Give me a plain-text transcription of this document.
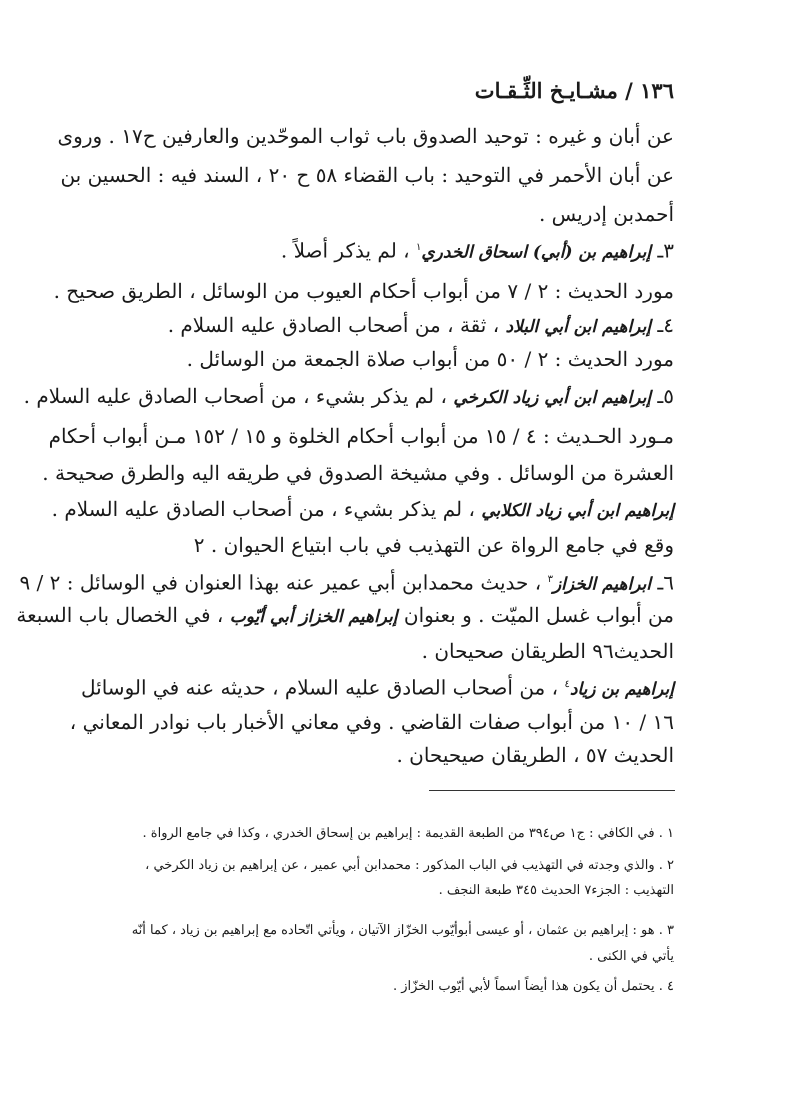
١٣٦ / مشـايـخ الثِّـقـات
عن أبان و غيره : توحيد الصدوق باب ثواب الموحّدين والعارفين ح١٧ . وروى
عن أبان الأحمر في التوحيد : باب القضاء ٥٨ ح ٢٠ ، السند فيه : الحسين بن
أحمدبن إدريس .
٣ـ إبراهيم بن (أبي) اسحاق الخدري$^١$ ، لم يذكر أصلاً .
مورد الحديث : ٢ / ٧ من أبواب أحكام العيوب من الوسائل ، الطريق صحيح .
٤ـ إبراهيم ابن أبي البلاد ، ثقة ، من أصحاب الصادق عليه السلام .
مورد الحديث : ٢ / ٥٠ من أبواب صلاة الجمعة من الوسائل .
٥ـ إبراهيم ابن أبي زياد الكرخي ، لم يذكر بشيء ، من أصحاب الصادق عليه السلام .
مـورد الحـديث : ٤ / ١٥ من أبواب أحكام الخلوة و ١٥ / ١٥٢ مـن أبواب أحكام
العشرة من الوسائل . وفي مشيخة الصدوق في طريقه اليه والطرق صحيحة .
إبراهيم ابن أبي زياد الكلابي ، لم يذكر بشيء ، من أصحاب الصادق عليه السلام .
وقع في جامع الرواة عن التهذيب في باب ابتياع الحيوان . ٢
٦ـ ابراهيم الخزاز$^٣$ ، حديث محمدابن أبي عمير عنه بهذا العنوان في الوسائل : ٢ / ٩
من أبواب غسل الميّت . و بعنوان إبراهيم الخزاز أبي أيّوب ، في الخصال باب السبعة
الحديث٩٦ الطريقان صحيحان .
إبراهيم بن زياد$^٤$ ، من أصحاب الصادق عليه السلام ، حديثه عنه في الوسائل
١٦ / ١٠ من أبواب صفات القاضي . وفي معاني الأخبار باب نوادر المعاني ،
الحديث ٥٧ ، الطريقان صيحيحان .
١ . في الكافي : ج١ ص٣٩٤ من الطبعة القديمة : إبراهيم بن إسحاق الخدري ، وكذا في جامع الرواة .
٢ . والذي وجدته في التهذيب في الباب المذكور : محمدابن أبي عمير ، عن إبراهيم بن زياد الكرخي ،
التهذيب : الجزء٧ الحديث ٣٤٥ طبعة النجف .
٣ . هو : إبراهيم بن عثمان ، أو عيسى أبوأيّوب الخزّاز الآتيان ، ويأتي اتّحاده مع إبراهيم بن زياد ، كما أنّه
يأتي في الكنى .
٤ . يحتمل أن يكون هذا أيضاً اسماً لأبي أيّوب الخزّاز .
